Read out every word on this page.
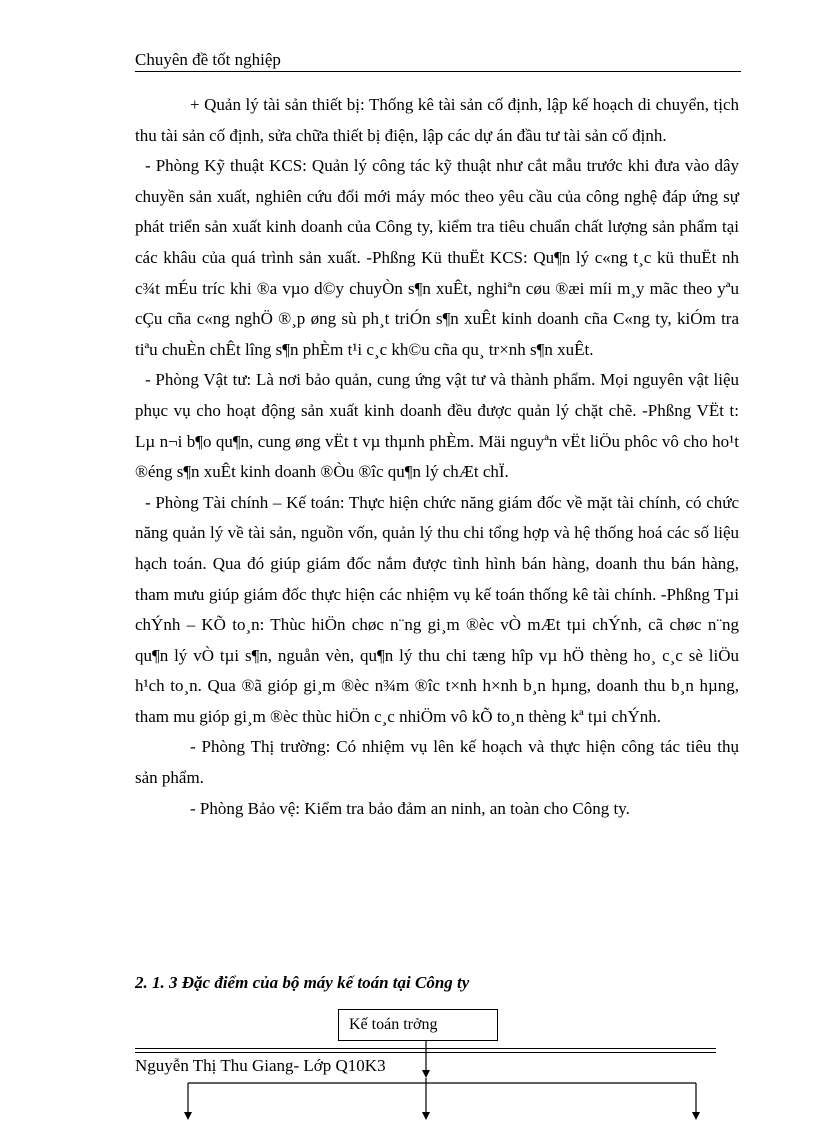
Chuyên đề tốt nghiệp

+ Quản lý tài sản thiết bị: Thống kê tài sản cố định, lập kế hoạch di chuyển, tịch thu tài sản cố định, sửa chữa thiết bị điện, lập các dự án đầu tư tài sản cố định.

- Phòng Kỹ thuật KCS: Quản lý công tác kỹ thuật như cắt mẫu trước khi đưa vào dây chuyền sản xuất, nghiên cứu đổi mới máy móc theo yêu cầu của công nghệ đáp ứng sự phát triển sản xuất kinh doanh của Công ty, kiểm tra tiêu chuẩn chất lượng sản phẩm tại các khâu của quá trình sản xuất. -Phßng Kü thuËt KCS: Qu¶n lý c«ng t¸c kü thuËt nh c¾t mÉu tríc khi ®a vµo d©y chuyÒn s¶n xuÊt, nghiªn cøu ®æi míi m¸y mãc theo yªu cÇu cña c«ng nghÖ ®¸p øng sù ph¸t triÓn s¶n xuÊt kinh doanh cña C«ng ty, kiÓm tra tiªu chuÈn chÊt lîng s¶n phÈm t¹i c¸c kh©u cña qu¸ tr×nh s¶n xuÊt.

- Phòng Vật tư: Là nơi bảo quản, cung ứng vật tư và thành phẩm. Mọi nguyên vật liệu phục vụ cho hoạt động sản xuất kinh doanh đều được quản lý chặt chẽ. -Phßng VËt t: Lµ n¬i b¶o qu¶n, cung øng vËt t vµ thµnh phÈm. Mäi nguyªn vËt liÖu phôc vô cho ho¹t ®éng s¶n xuÊt kinh doanh ®Òu ®îc qu¶n lý chÆt chÏ.

- Phòng Tài chính – Kế toán: Thực hiện chức năng giám đốc về mặt tài chính, có chức năng quản lý về tài sản, nguồn vốn, quản lý thu chi tổng hợp và hệ thống hoá các số liệu hạch toán. Qua đó giúp giám đốc nắm được tình hình bán hàng, doanh thu bán hàng, tham mưu giúp giám đốc thực hiện các nhiệm vụ kế toán thống kê tài chính. -Phßng Tµi chÝnh – KÕ to¸n: Thùc hiÖn chøc n¨ng gi¸m ®èc vÒ mÆt tµi chÝnh, cã chøc n¨ng qu¶n lý vÒ tµi s¶n, nguån vèn, qu¶n lý thu chi tæng hîp vµ hÖ thèng ho¸ c¸c sè liÖu h¹ch to¸n. Qua ®ã gióp gi¸m ®èc n¾m ®îc t×nh h×nh b¸n hµng, doanh thu b¸n hµng, tham mu gióp gi¸m ®èc thùc hiÖn c¸c nhiÖm vô kÕ to¸n thèng kª tµi chÝnh.

- Phòng Thị trường: Có nhiệm vụ lên kế hoạch và thực hiện công tác tiêu thụ sản phẩm.

- Phòng Bảo vệ: Kiểm tra bảo đảm an ninh, an toàn cho Công ty.

2. 1. 3 Đặc điểm của bộ máy kế toán tại Công ty
Kế toán trởng
Nguyễn Thị Thu Giang- Lớp Q10K3
